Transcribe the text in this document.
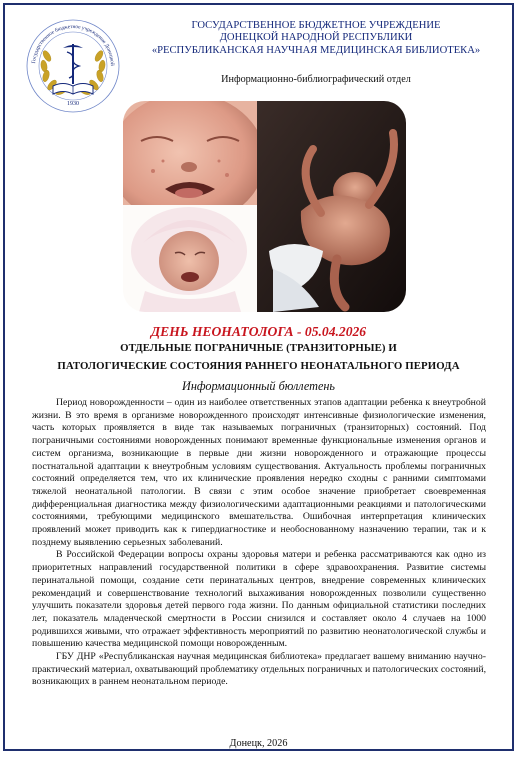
Государственное бюджетное учреждение Донецкой
1930
ГОСУДАРСТВЕННОЕ БЮДЖЕТНОЕ УЧРЕЖДЕНИЕ
ДОНЕЦКОЙ НАРОДНОЙ РЕСПУБЛИКИ
«РЕСПУБЛИКАНСКАЯ НАУЧНАЯ МЕДИЦИНСКАЯ БИБЛИОТЕКА»
Информационно-библиографический отдел
ДЕНЬ НЕОНАТОЛОГА - 05.04.2026
ОТДЕЛЬНЫЕ ПОГРАНИЧНЫЕ (ТРАНЗИТОРНЫЕ) И
ПАТОЛОГИЧЕСКИЕ СОСТОЯНИЯ РАННЕГО НЕОНАТАЛЬНОГО ПЕРИОДА
Информационный бюллетень

Период новорожденности – один из наиболее ответственных этапов адаптации ребенка к внеутробной жизни. В это время в организме новорожденного происходят интенсивные физиологические изменения, часть которых проявляется в виде так называемых пограничных (транзиторных) состояний. Под пограничными состояниями новорожденных понимают временные функциональные изменения органов и систем организма, возникающие в первые дни жизни новорожденного и отражающие процессы постнатальной адаптации к внеутробным условиям существования. Актуальность проблемы пограничных состояний определяется тем, что их клинические проявления нередко сходны с ранними симптомами тяжелой неонатальной патологии. В связи с этим особое значение приобретает своевременная дифференциальная диагностика между физиологическими адаптационными реакциями и патологическими состояниями, требующими медицинского вмешательства. Ошибочная интерпретация клинических проявлений может приводить как к гипердиагностике и необоснованному назначению терапии, так и к позднему выявлению серьезных заболеваний.

В Российской Федерации вопросы охраны здоровья матери и ребенка рассматриваются как одно из приоритетных направлений государственной политики в сфере здравоохранения. Развитие системы перинатальной помощи, создание сети перинатальных центров, внедрение современных клинических рекомендаций и совершенствование технологий выхаживания новорожденных позволили существенно улучшить показатели здоровья детей первого года жизни. По данным официальной статистики последних лет, показатель младенческой смертности в России снизился и составляет около 4 случаев на 1000 родившихся живыми, что отражает эффективность мероприятий по развитию неонатологической службы и повышению качества медицинской помощи новорожденным.

ГБУ ДНР «Республиканская научная медицинская библиотека» предлагает вашему вниманию научно-практический материал, охватывающий проблематику отдельных пограничных и патологических состояний, возникающих в раннем неонатальном периоде.

Донецк, 2026
